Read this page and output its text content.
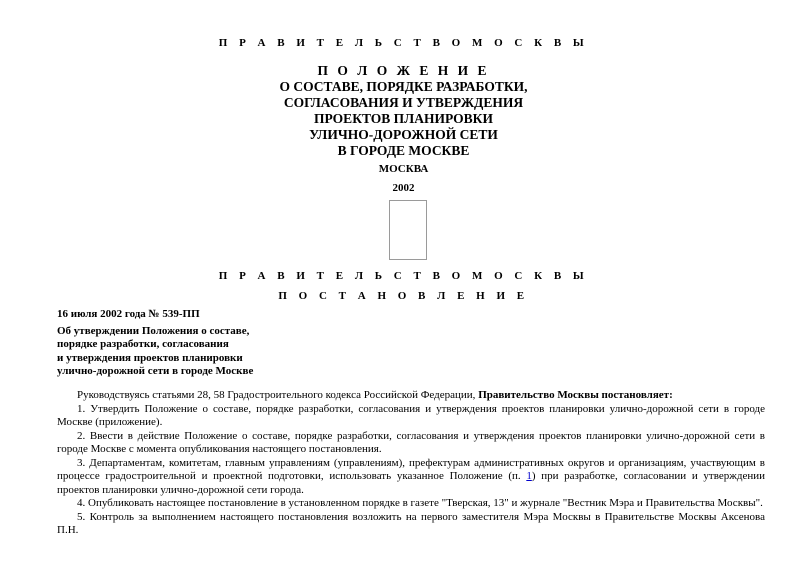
П Р А В И Т Е Л Ь С Т В О М О С К В Ы
П О Л О Ж Е Н И Е
О СОСТАВЕ, ПОРЯДКЕ РАЗРАБОТКИ,
СОГЛАСОВАНИЯ И УТВЕРЖДЕНИЯ
ПРОЕКТОВ ПЛАНИРОВКИ
УЛИЧНО-ДОРОЖНОЙ СЕТИ
В ГОРОДЕ МОСКВЕ
МОСКВА
2002
П Р А В И Т Е Л Ь С Т В О М О С К В Ы
П О С Т А Н О В Л Е Н И Е
16 июля 2002 года № 539-ПП
Об утверждении Положения о составе,
порядке разработки, согласования
и утверждения проектов планировки
улично-дорожной сети в городе Москве

Руководствуясь статьями 28, 58 Градостроительного кодекса Российской Федерации, Правительство Москвы постановляет:

1. Утвердить Положение о составе, порядке разработки, согласования и утверждения проектов планировки улично-дорожной сети в городе Москве (приложение).

2. Ввести в действие Положение о составе, порядке разработки, согласования и утверждения проектов планировки улично-дорожной сети в городе Москве с момента опубликования настоящего постановления.

3. Департаментам, комитетам, главным управлениям (управлениям), префектурам административных округов и организациям, участвующим в процессе градостроительной и проектной подготовки, использовать указанное Положение (п. 1) при разработке, согласовании и утверждении проектов планировки улично-дорожной сети города.

4. Опубликовать настоящее постановление в установленном порядке в газете "Тверская, 13" и журнале "Вестник Мэра и Правительства Москвы".

5. Контроль за выполнением настоящего постановления возложить на первого заместителя Мэра Москвы в Правительстве Москвы Аксенова П.Н.
